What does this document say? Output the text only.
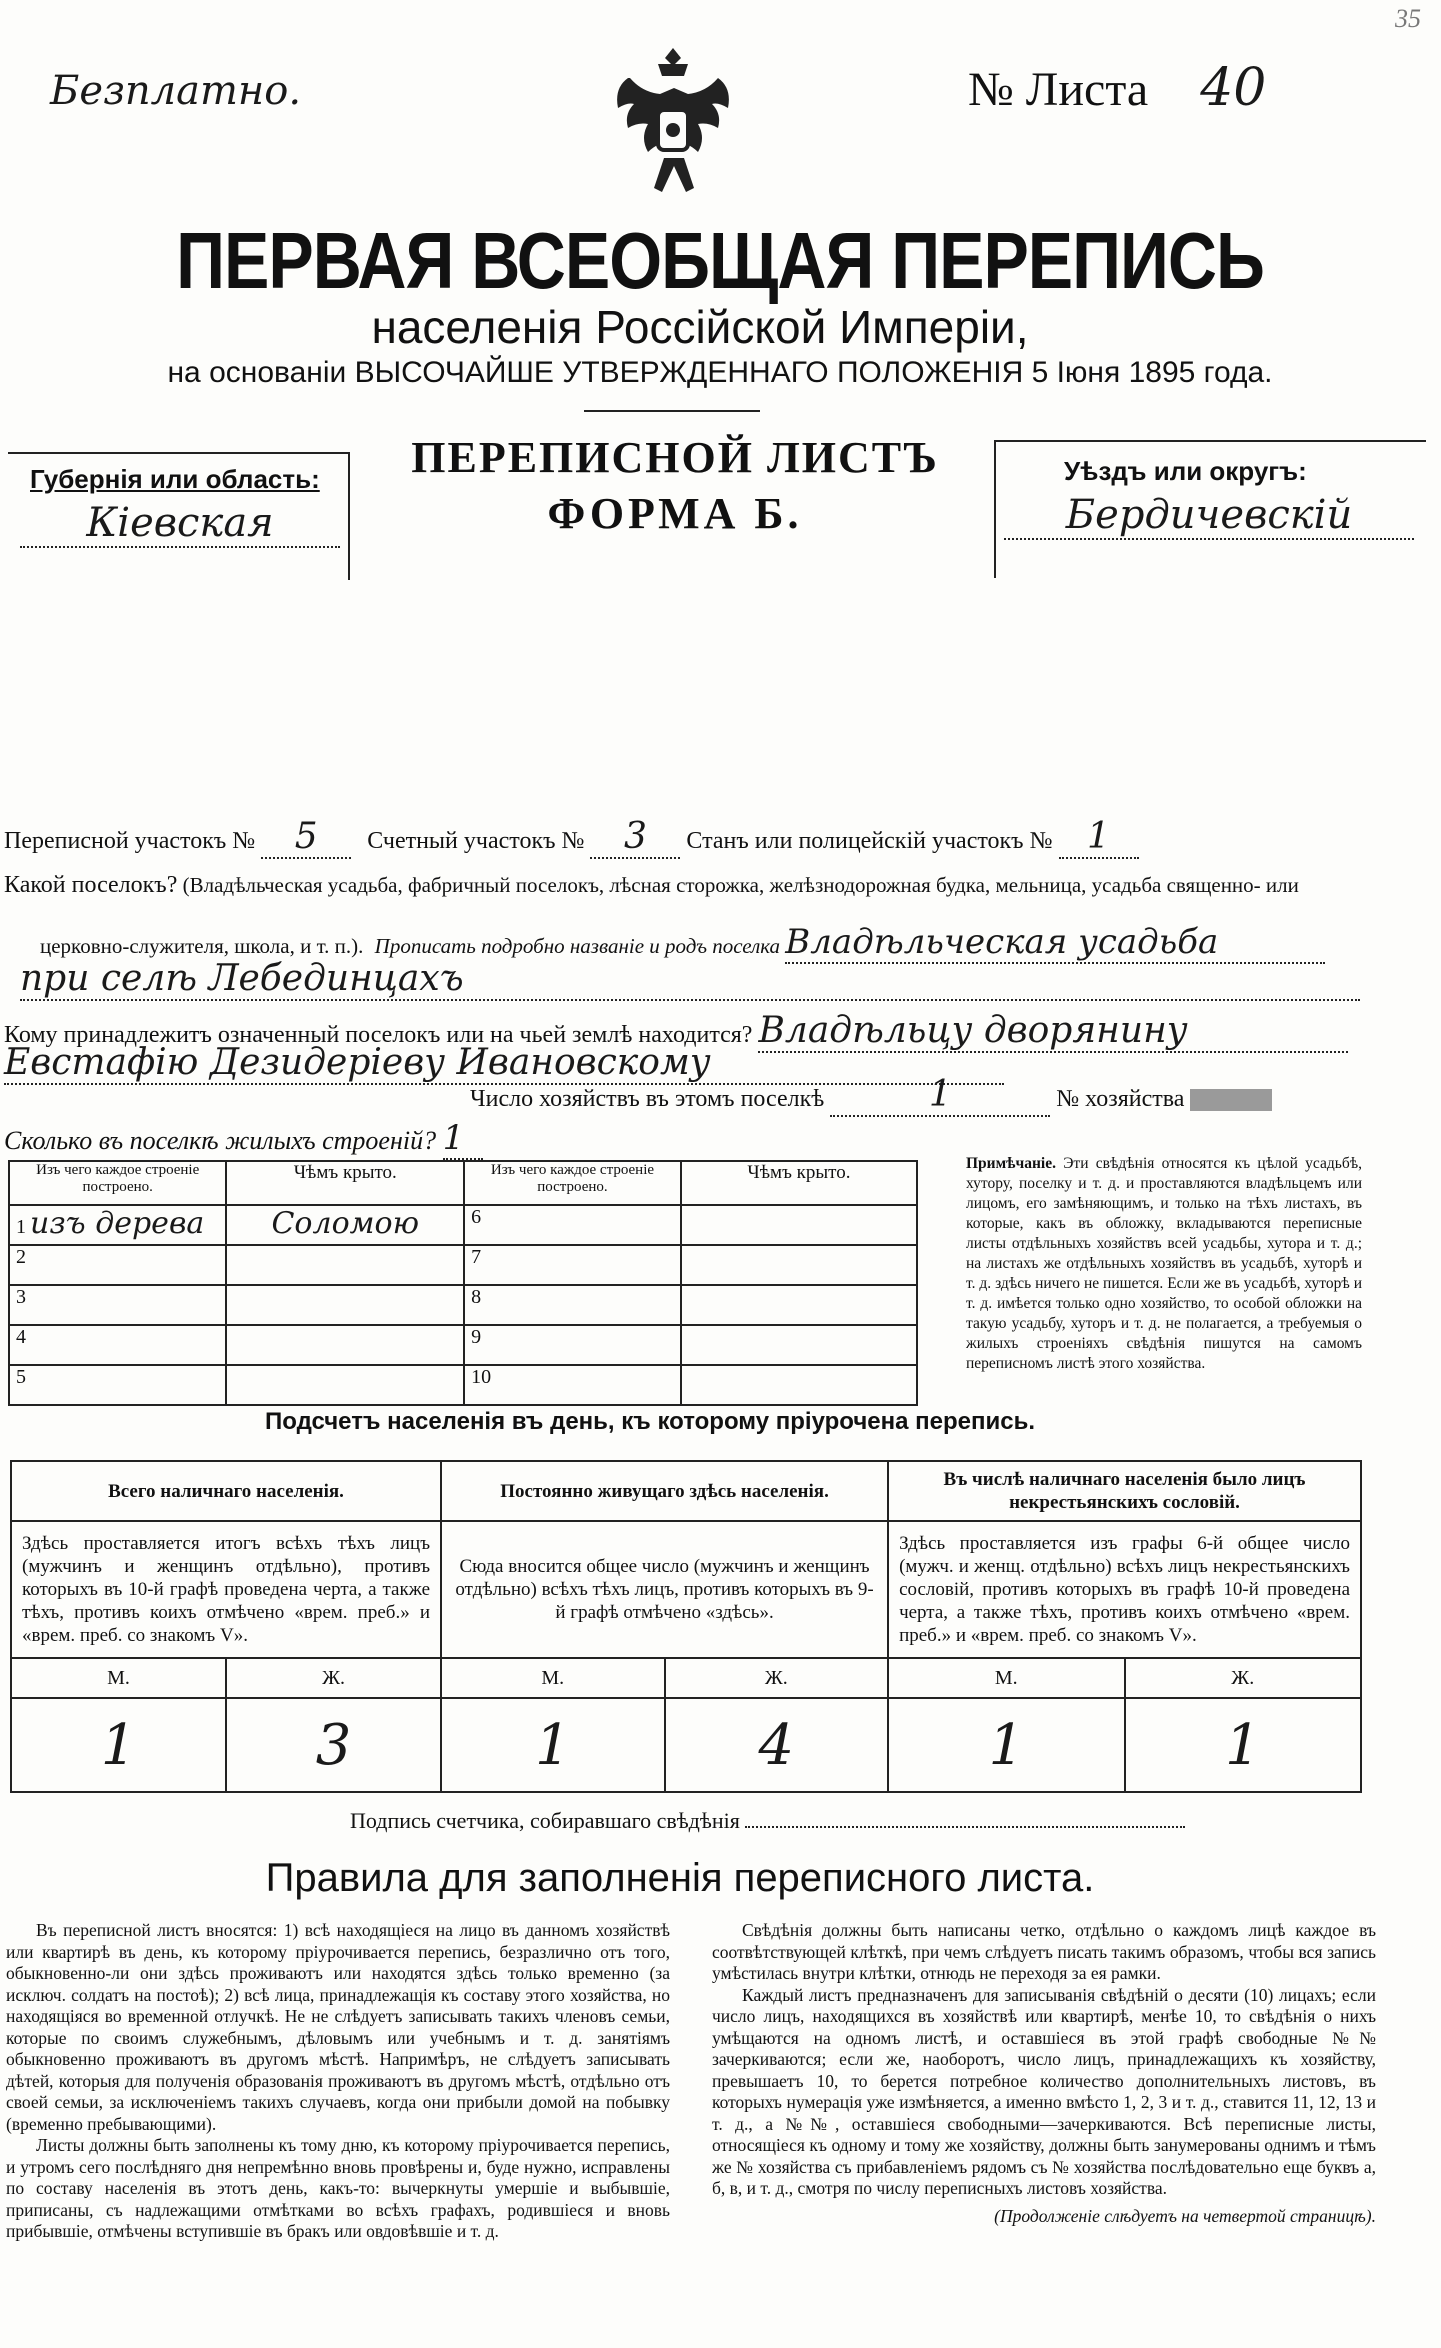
Безплатно.
35
№ Листа 40
ПЕРВАЯ ВСЕОБЩАЯ ПЕРЕПИСЬ
населенія Россійской Имперіи,
на основаніи ВЫСОЧАЙШЕ УТВЕРЖДЕННАГО ПОЛОЖЕНІЯ 5 Іюня 1895 года.
Губернія или область:
Кіевская
ПЕРЕПИСНОЙ ЛИСТЪ
ФОРМА Б.
Уѣздъ или округъ:
Бердичевскій
Переписной участокъ № 5 Счетный участокъ № 3 Станъ или полицейскій участокъ № 1
Какой поселокъ? (Владѣльческая усадьба, фабричный поселокъ, лѣсная сторожка, желѣзнодорожная будка, мельница, усадьба священно- или
церковно-служителя, школа, и т. п.). Прописать подробно названіе и родъ поселка Владѣльческая усадьба
при селѣ Лебединцахъ
Кому принадлежитъ означенный поселокъ или на чьей землѣ находится? Владѣльцу дворянину
Евстафію Дезидеріеву Ивановскому
Число хозяйствъ въ этомъ поселкѣ	1	№ хозяйства
Сколько въ поселкѣ жилыхъ строеній? 1
Изъ чего каждое строеніе построено.	Чѣмъ крыто.	Изъ чего каждое строеніе построено.	Чѣмъ крыто.
1 изъ дерева	Соломою	6	
2		7	
3		8	
4		9	
5		10	

Примѣчаніе. Эти свѣдѣнія относятся къ цѣлой усадьбѣ, хутору, поселку и т. д. и проставляются владѣльцемъ или лицомъ, его замѣняющимъ, и только на тѣхъ листахъ, въ которые, какъ въ обложку, вкладываются переписные листы отдѣльныхъ хозяйствъ всей усадьбы, хутора и т. д.; на листахъ же отдѣльныхъ хозяйствъ въ усадьбѣ, хуторѣ и т. д. здѣсь ничего не пишется. Если же въ усадьбѣ, хуторѣ и т. д. имѣется только одно хозяйство, то особой обложки на такую усадьбу, хуторъ и т. д. не полагается, а требуемыя о жилыхъ строеніяхъ свѣдѣнія пишутся на самомъ переписномъ листѣ этого хозяйства.

Подсчетъ населенія въ день, къ которому пріурочена перепись.
Всего наличнаго населенія.		Постоянно живущаго здѣсь населенія.		Въ числѣ наличнаго населенія было лицъ некрестьянскихъ сословій.	
Здѣсь проставляется итогъ всѣхъ тѣхъ лицъ (мужчинъ и женщинъ отдѣльно), противъ которыхъ въ 10-й графѣ проведена черта, а также тѣхъ, противъ коихъ отмѣчено «врем. преб.» и «врем. преб. со знакомъ V».		Сюда вносится общее число (мужчинъ и женщинъ отдѣльно) всѣхъ тѣхъ лицъ, противъ которыхъ въ 9-й графѣ отмѣчено «здѣсь».		Здѣсь проставляется изъ графы 6-й общее число (мужч. и женщ. отдѣльно) всѣхъ лицъ некрестьянскихъ сословій, противъ которыхъ въ графѣ 10-й проведена черта, а также тѣхъ, противъ коихъ отмѣчено «врем. преб.» и «врем. преб. со знакомъ V».	
М.	Ж.	М.	Ж.	М.	Ж.
1	3	1	4	1	1
Подпись счетчика, собиравшаго свѣдѣнія
Правила для заполненія переписного листа.

Въ переписной листъ вносятся: 1) всѣ находящіеся на лицо въ данномъ хозяйствѣ или квартирѣ въ день, къ которому пріурочивается перепись, безразлично отъ того, обыкновенно-ли они здѣсь проживаютъ или находятся здѣсь только временно (за исключ. солдатъ на постоѣ); 2) всѣ лица, принадлежащія къ составу этого хозяйства, но находящіяся во временной отлучкѣ. Не не слѣдуетъ записывать такихъ членовъ семьи, которые по своимъ служебнымъ, дѣловымъ или учебнымъ и т. д. занятіямъ обыкновенно проживаютъ въ другомъ мѣстѣ. Напримѣръ, не слѣдуетъ записывать дѣтей, которыя для полученія образованія проживаютъ въ другомъ мѣстѣ, отдѣльно отъ своей семьи, за исключеніемъ такихъ случаевъ, когда они прибыли домой на побывку (временно пребывающими).

Листы должны быть заполнены къ тому дню, къ которому пріурочивается перепись, и утромъ сего послѣдняго дня непремѣнно вновь провѣрены и, буде нужно, исправлены по составу населенія въ этотъ день, какъ-то: вычеркнуты умершіе и выбывшіе, приписаны, съ надлежащими отмѣтками во всѣхъ графахъ, родившіеся и вновь прибывшіе, отмѣчены вступившіе въ бракъ или овдовѣвшіе и т. д.

Свѣдѣнія должны быть написаны четко, отдѣльно о каждомъ лицѣ каждое въ соотвѣтствующей клѣткѣ, при чемъ слѣдуетъ писать такимъ образомъ, чтобы вся запись умѣстилась внутри клѣтки, отнюдь не переходя за ея рамки.

Каждый листъ предназначенъ для записыванія свѣдѣній о десяти (10) лицахъ; если число лицъ, находящихся въ хозяйствѣ или квартирѣ, менѣе 10, то свѣдѣнія о нихъ умѣщаются на одномъ листѣ, и оставшіеся въ этой графѣ свободные №№ зачеркиваются; если же, наоборотъ, число лицъ, принадлежащихъ къ хозяйству, превышаетъ 10, то берется потребное количество дополнительныхъ листовъ, въ которыхъ нумерація уже измѣняется, а именно вмѣсто 1, 2, 3 и т. д., ставится 11, 12, 13 и т. д., а №№, оставшіеся свободными—зачеркиваются. Всѣ переписные листы, относящіеся къ одному и тому же хозяйству, должны быть занумерованы однимъ и тѣмъ же № хозяйства съ прибавленіемъ рядомъ съ № хозяйства послѣдовательно еще буквъ а, б, в, и т. д., смотря по числу переписныхъ листовъ хозяйства.

(Продолженіе слѣдуетъ на четвертой страницѣ).
